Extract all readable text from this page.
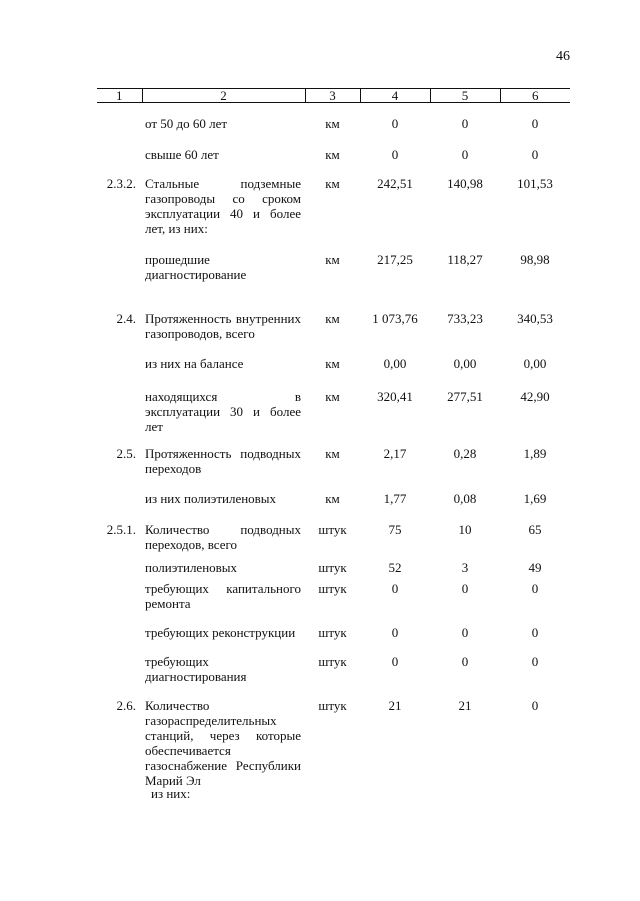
46
1	2	3	4	5	6
	от 50 до 60 лет	км	0	0	0
	свыше 60 лет	км	0	0	0
2.3.2.	Стальные подземные газопроводы со сроком эксплуатации 40 и более лет, из них:	км	242,51	140,98	101,53
	прошедшие диагностирование	км	217,25	118,27	98,98
2.4.	Протяженность внутренних газопроводов, всего	км	1 073,76	733,23	340,53
	из них на балансе	км	0,00	0,00	0,00
	находящихся в эксплуатации 30 и более лет	км	320,41	277,51	42,90
2.5.	Протяженность подводных переходов	км	2,17	0,28	1,89
	из них полиэтиленовых	км	1,77	0,08	1,69
2.5.1.	Количество подводных переходов, всего	штук	75	10	65
	полиэтиленовых	штук	52	3	49
	требующих капитального ремонта	штук	0	0	0
	требующих реконструкции	штук	0	0	0
	требующих диагностирования	штук	0	0	0
2.6.	Количество газораспределительных станций, через которые обеспечивается газоснабжение Республики Марий Эл	штук	21	21	0
из них:
